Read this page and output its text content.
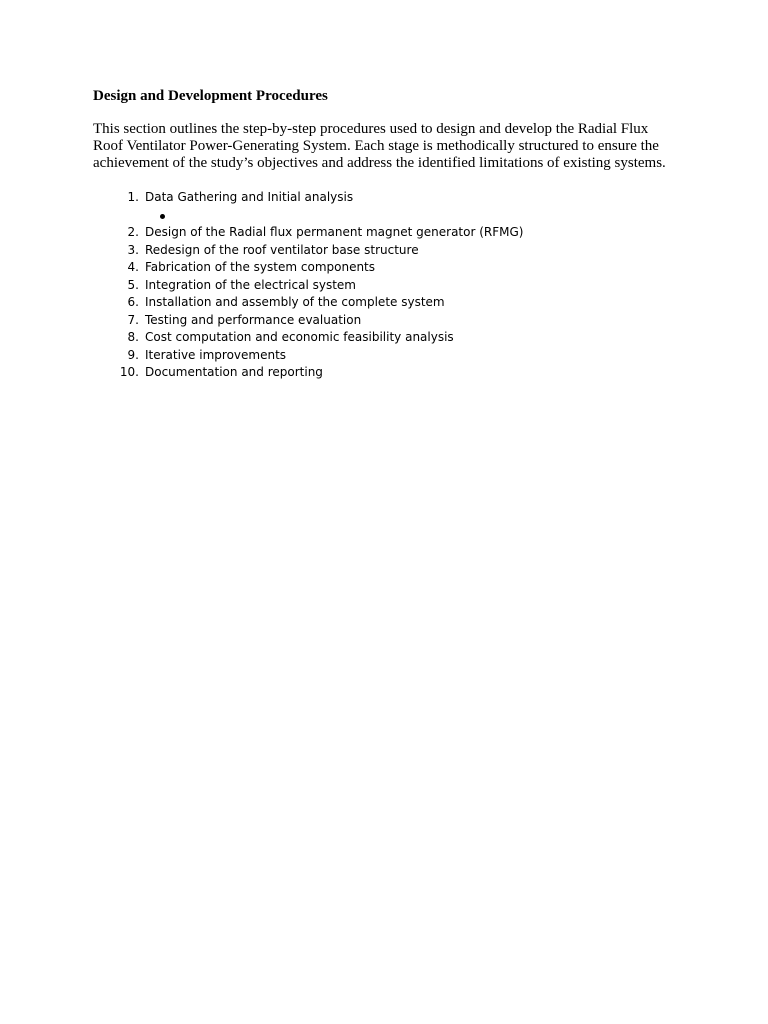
Design and Development Procedures

This section outlines the step-by-step procedures used to design and develop the Radial Flux Roof Ventilator Power-Generating System. Each stage is methodically structured to ensure the achievement of the study’s objectives and address the identified limitations of existing systems.

1. Data Gathering and Initial analysis
2. Design of the Radial flux permanent magnet generator (RFMG)
3. Redesign of the roof ventilator base structure
4. Fabrication of the system components
5. Integration of the electrical system
6. Installation and assembly of the complete system
7. Testing and performance evaluation
8. Cost computation and economic feasibility analysis
9. Iterative improvements
10. Documentation and reporting
